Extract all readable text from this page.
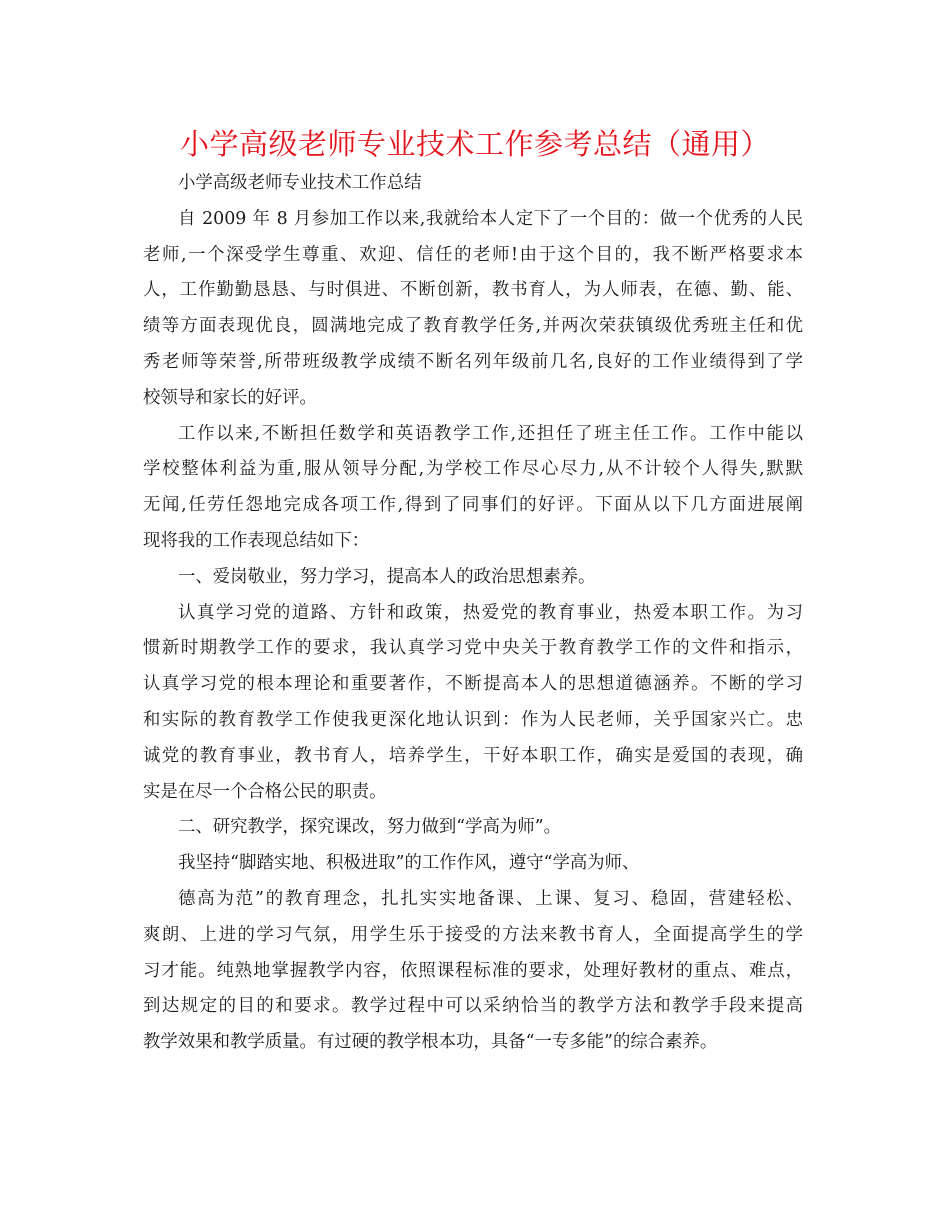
小学高级老师专业技术工作参考总结（通用）
小学高级老师专业技术工作总结
自 2009 年 8 月参加工作以来,我就给本人定下了一个目的：做一个优秀的人民
老师,一个深受学生尊重、欢迎、信任的老师!由于这个目的，我不断严格要求本
人，工作勤勤恳恳、与时俱进、不断创新，教书育人，为人师表，在德、勤、能、
绩等方面表现优良，圆满地完成了教育教学任务,并两次荣获镇级优秀班主任和优
秀老师等荣誉,所带班级教学成绩不断名列年级前几名,良好的工作业绩得到了学
校领导和家长的好评。
工作以来,不断担任数学和英语教学工作,还担任了班主任工作。工作中能以
学校整体利益为重,服从领导分配,为学校工作尽心尽力,从不计较个人得失,默默
无闻,任劳任怨地完成各项工作,得到了同事们的好评。下面从以下几方面进展阐
现将我的工作表现总结如下：
一、爱岗敬业，努力学习，提高本人的政治思想素养。
认真学习党的道路、方针和政策，热爱党的教育事业，热爱本职工作。为习
惯新时期教学工作的要求，我认真学习党中央关于教育教学工作的文件和指示，
认真学习党的根本理论和重要著作，不断提高本人的思想道德涵养。不断的学习
和实际的教育教学工作使我更深化地认识到：作为人民老师，关乎国家兴亡。忠
诚党的教育事业，教书育人，培养学生，干好本职工作，确实是爱国的表现，确
实是在尽一个合格公民的职责。
二、研究教学，探究课改，努力做到“学高为师”。
我坚持“脚踏实地、积极进取”的工作作风，遵守“学高为师、
德高为范”的教育理念，扎扎实实地备课、上课、复习、稳固，营建轻松、
爽朗、上进的学习气氛，用学生乐于接受的方法来教书育人，全面提高学生的学
习才能。纯熟地掌握教学内容，依照课程标准的要求，处理好教材的重点、难点，
到达规定的目的和要求。教学过程中可以采纳恰当的教学方法和教学手段来提高
教学效果和教学质量。有过硬的教学根本功，具备“一专多能”的综合素养。
